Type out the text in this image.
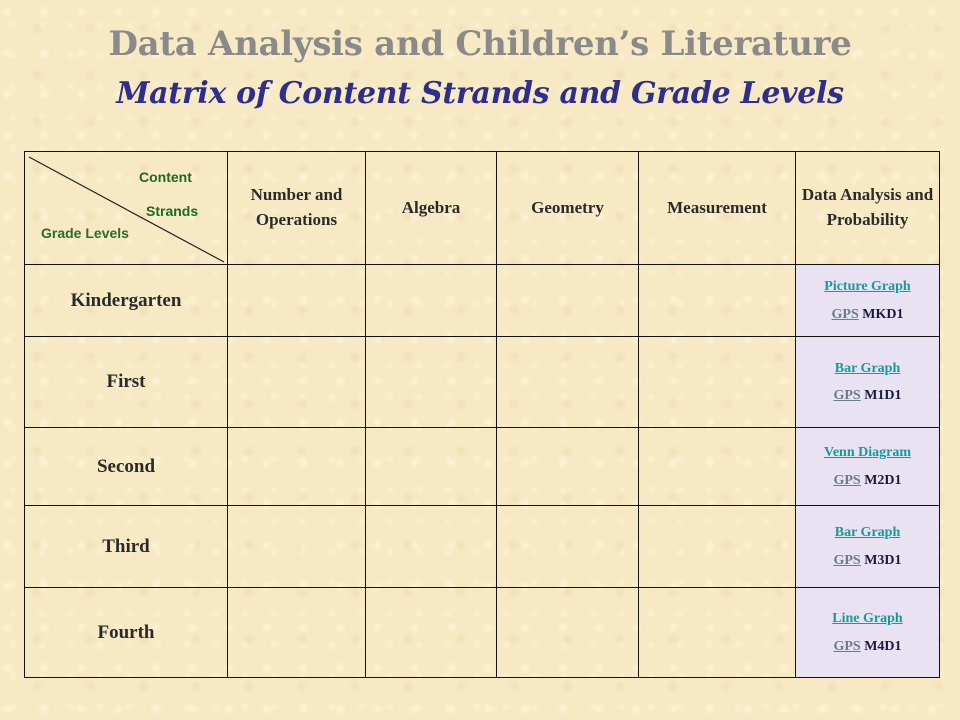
Data Analysis and Children’s Literature
Matrix of Content Strands and Grade Levels
Content
Strands
Grade Levels	Number and Operations	Algebra	Geometry	Measurement	Data Analysis and Probability
Kindergarten					Picture Graph
GPS MKD1
First					Bar Graph
GPS M1D1
Second					Venn Diagram
GPS M2D1
Third					Bar Graph
GPS M3D1
Fourth					Line Graph
GPS M4D1
